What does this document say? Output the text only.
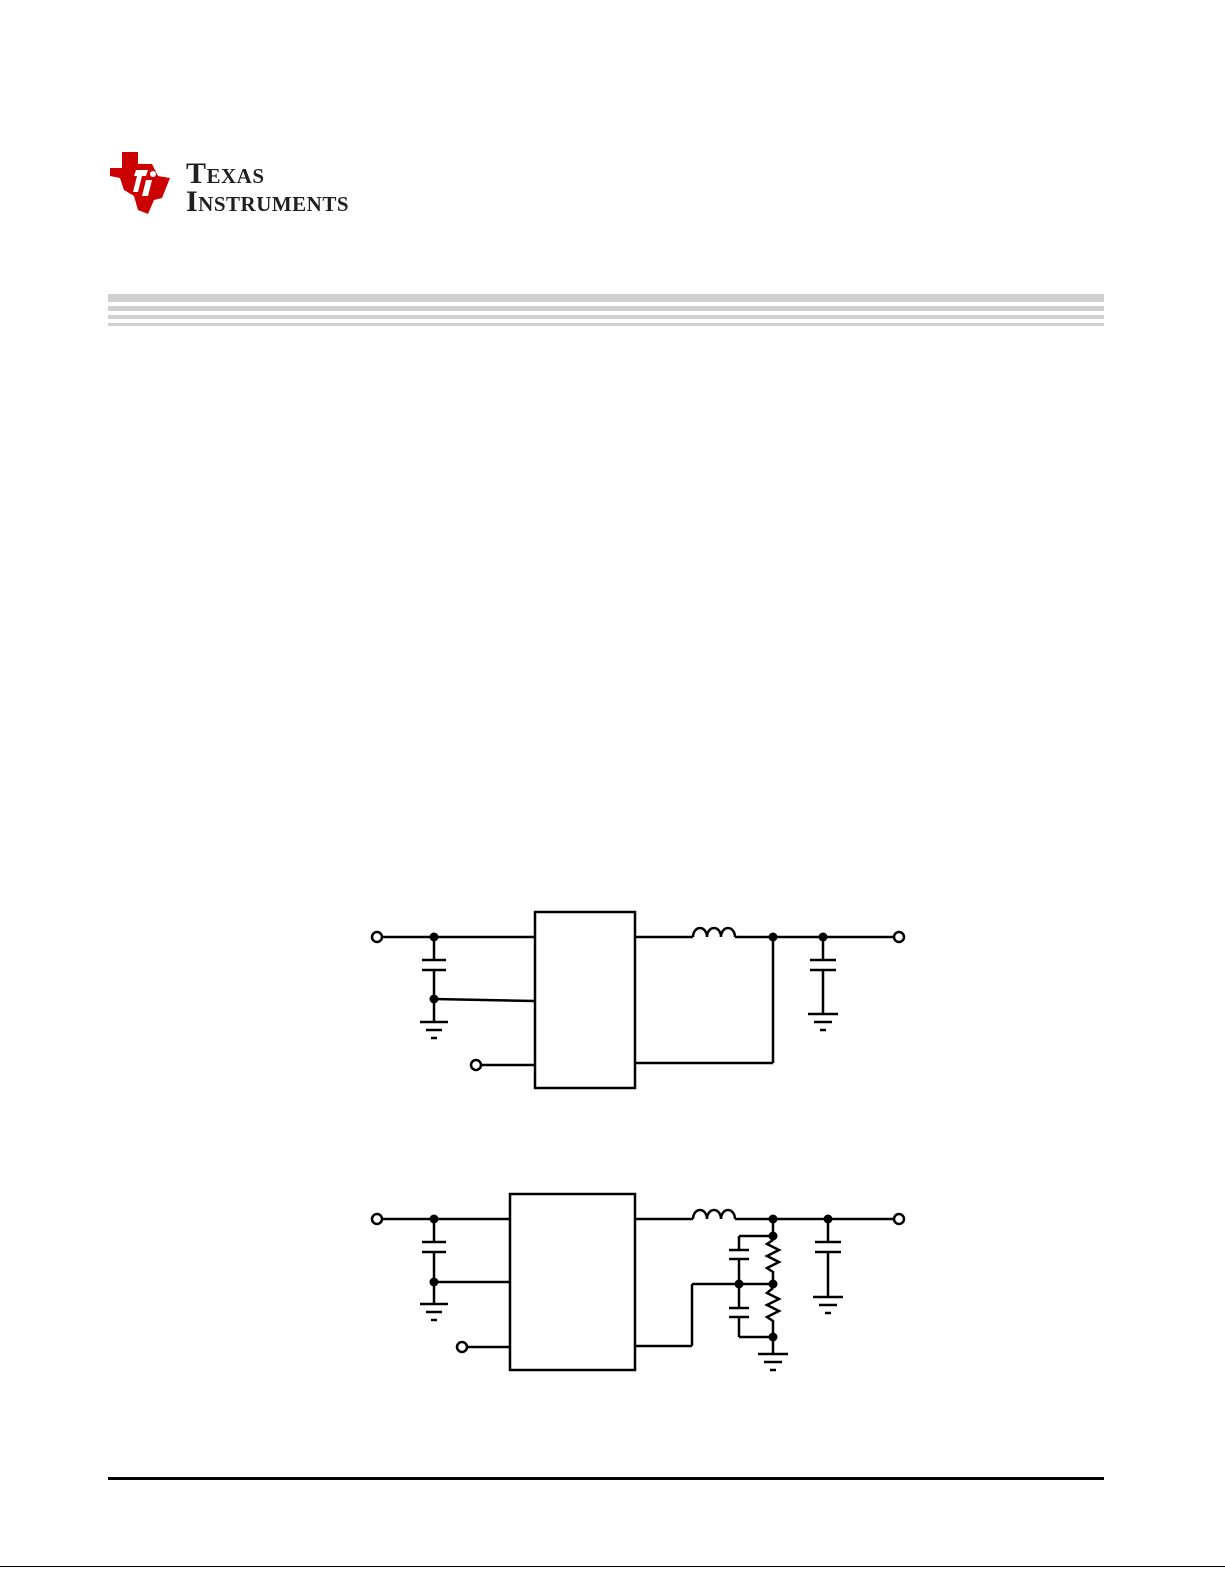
Texas
Instruments
